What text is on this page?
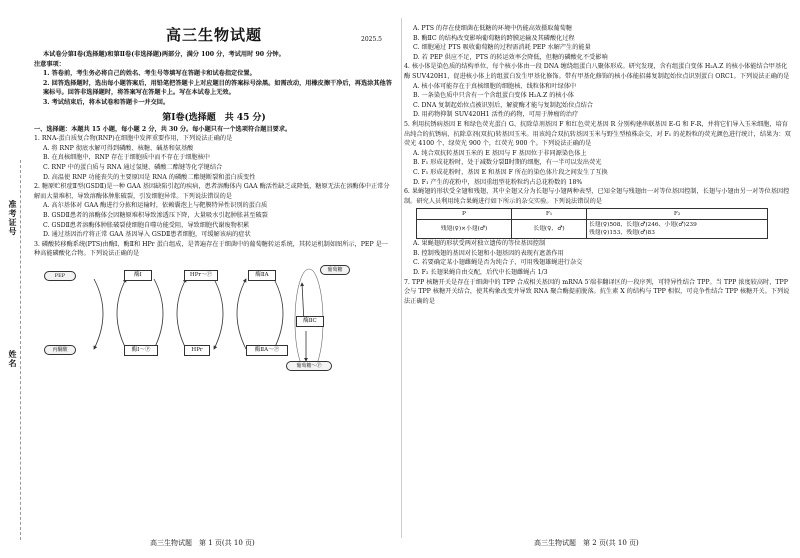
准考证号
姓名
高三生物试题	2025.5

本试卷分第Ⅰ卷(选择题)和第Ⅱ卷(非选择题)两部分，满分 100 分，考试用时 90 分钟。

注意事项：

1. 答卷前，考生务必将自己的姓名、考生号等填写在答题卡和试卷指定位置。

2. 回答选择题时，选出每小题答案后，用铅笔把答题卡上对应题目的答案标号涂黑。如需改动，用橡皮擦干净后，再选涂其他答案标号。回答非选择题时，将答案写在答题卡上。写在本试卷上无效。

3. 考试结束后，将本试卷和答题卡一并交回。

第Ⅰ卷(选择题　共 45 分)

一、选择题：本题共 15 小题，每小题 2 分，共 30 分。每小题只有一个选项符合题目要求。

1. RNA-蛋白质复合物(RNP)在细胞中发挥重要作用，下列说法正确的是

A. 将 RNP 彻底水解可得到磷酸、核糖、碱基和氨基酸

B. 在真核细胞中，RNP 存在于细胞质中而不存在于细胞核中

C. RNP 中的蛋白质与 RNA 通过氢键、磷酸二酯键等化学键结合

D. 高温使 RNP 功能丧失的主要原因是 RNA 的磷酸二酯键断裂和蛋白质变性

2. 糖原贮积症Ⅱ型(GSDⅡ)是一种 GAA 基因缺陷引起的疾病，患者溶酶体内 GAA 酶活性缺乏或降低，糖原无法在溶酶体中正常分解而大量堆积，导致溶酶体肿胀破裂，引发细胞异常。下列说法错误的是

A. 高尔基体对 GAA 酶进行分拣和运输时，依赖囊泡上与靶膜特异性识别的蛋白质

B. GSDⅡ患者的溶酶体会因糖原堆积导致渗透压下降，大量吸水引起肿胀甚至破裂

C. GSDⅡ患者溶酶体肿胀破裂使细胞自噬功能受阻，导致细胞代谢废物积累

D. 通过基因治疗将正常 GAA 基因导入 GSDⅡ患者细胞，可缓解该病的症状

3. 磷酸转移酶系统(PTS)由酶Ⅰ、酶Ⅱ和 HPr 蛋白组成，是普遍存在于细菌中的葡萄糖转运系统，其转运机制如图所示，PEP 是一种高能磷酸化合物。下列说法正确的是

PEP	酶Ⅰ	HPr～Ⓟ	酶ⅡA
丙酮酸	酶Ⅰ～Ⓟ	HPr	酶ⅡA～Ⓟ
酶ⅡC
葡萄糖
葡萄糖～Ⓟ
高三生物试题　第 1 页(共 10 页)

A. PTS 的存在使细菌在低糖的环境中仍能高效摄取葡萄糖

B. 酶ⅡC 的结构改变影响葡萄糖的跨膜运输及其磷酸化过程

C. 细胞通过 PTS 吸收葡萄糖的过程需消耗 PEP 水解产生的能量

D. 若 PEP 供应不足，PTS 的转运效率会降低，但糖的磷酸化不受影响

4. 核小体是染色质的结构单位，每个核小体由一段 DNA 缠绕组蛋白八聚体形成。研究发现，含有组蛋白变体 H₂A.Z 的核小体能结合甲基化酶 SUV420H1，促进核小体上的组蛋白发生甲基化修饰。带有甲基化修饰的核小体能招募复制起始位点识别蛋白 ORC1。下列说法正确的是

A. 核小体可能存在于真核细胞的细胞核、线粒体和叶绿体中

B. 一条染色质中只含有一个含组蛋白变体 H₂A.Z 的核小体

C. DNA 复制起始位点被识别后，解旋酶才能与复制起始位点结合

D. 用药物抑制 SUV420H1 活性的药物，可用于肿瘤的治疗

5. 利用抗锈病基因 E 和绿色荧光蛋白 G、抗除草剂基因 F 和红色荧光基因 R 分别构建串联基因 E-G 和 F-R，并将它们导入玉米细胞，培育出纯合的抗锈病、抗除草剂(双抗)转基因玉米。用该纯合双抗转基因玉米与野生型植株杂交，对 F₁ 的花粉粒的荧光颜色进行统计，结果为：双荧光 4100 个、绿荧光 900 个，红荧光 900 个。下列说法正确的是

A. 纯合双抗转基因玉米的 E 基因与 F 基因位于非同源染色体上

B. F₁ 形成花粉时，处于减数分裂Ⅱ时期的细胞，有一半可以发出荧光

C. F₁ 形成花粉时，基因 E 和基因 F 所在的染色体片段之间发生了互换

D. F₁ 产生的花粉中，基因重组型花粉粒约占总花粉数的 18%

6. 果蝇翅的形状受全翅和残翅，其中全翅又分为长翅与小翅两种表型，已知全翅与残翅由一对等位基因控制，长翅与小翅由另一对等位基因控制。研究人员利用纯合果蝇进行如下所示的杂交实验。下列说法错误的是

P	F₁	F₂
残翅(♀)×小翅(♂)	长翅(♀、♂)	长翅(♀)508、长翅(♂)246、小翅(♂)239
残翅(♀)153、残翅(♂)83

A. 果蝇翅的形状受两对独立遗传的等位基因控制

B. 控制残翅的基因对长翅和小翅基因的表现有遮盖作用

C. 若要确定某小翅雌蝇是否为纯合子，可用残翅雄蝇进行杂交

D. F₂ 长翅果蝇自由交配，后代中长翅雌蝇占 1/3

7. TPP 核糖开关是存在于细菌中的 TPP 合成相关基因的 mRNA 5′端非翻译区的一段序列，可特异性结合 TPP。当 TPP 浓度较高时，TPP 会与 TPP 核糖开关结合，使其构象改变并导致 RNA 聚合酶提前脱落。抗生素 X 的结构与 TPP 相似，可竞争性结合 TPP 核糖开关。下列说法正确的是

高三生物试题　第 2 页(共 10 页)
